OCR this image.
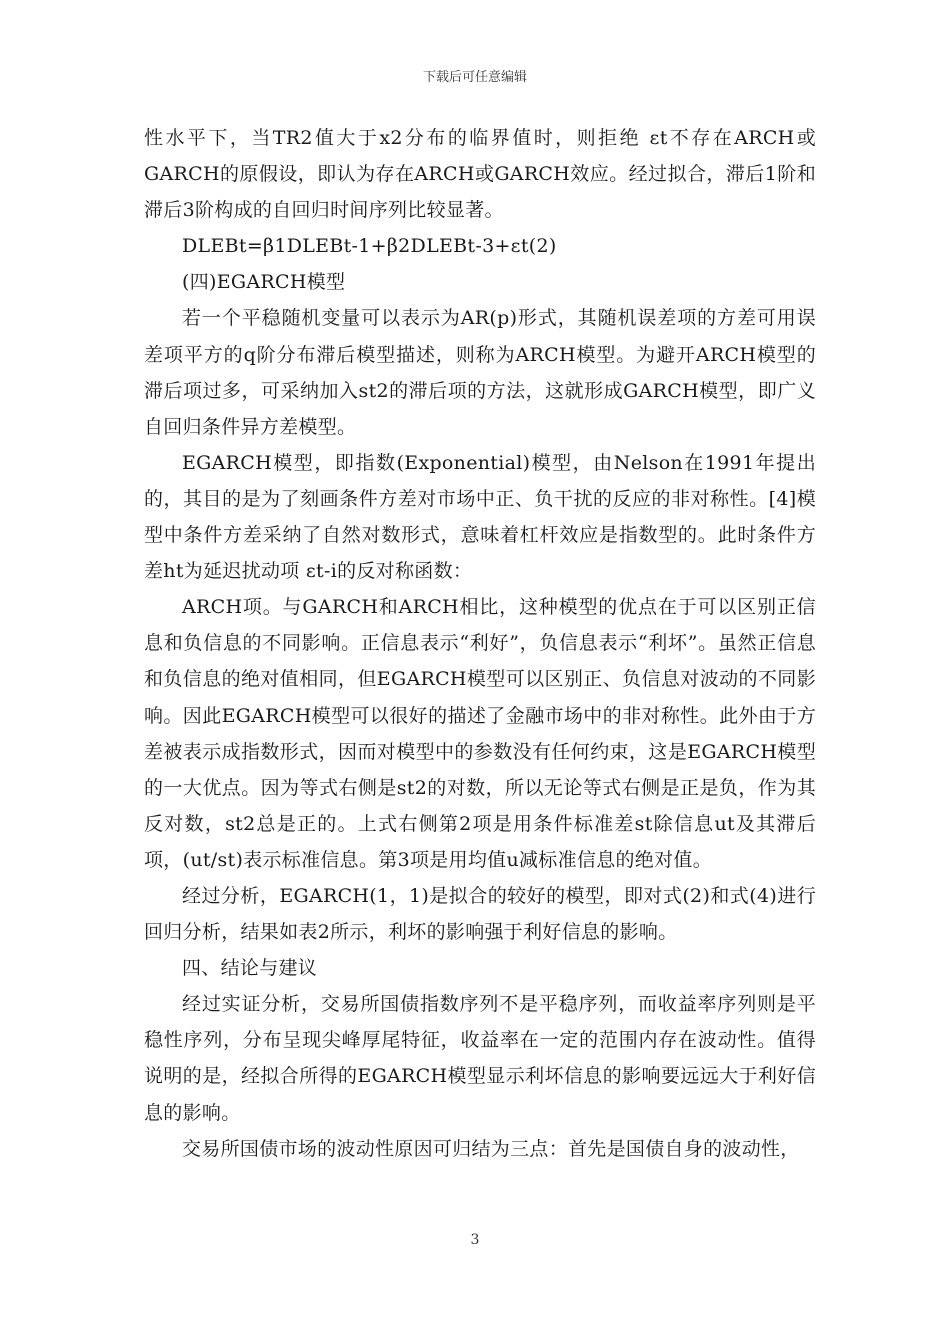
下载后可任意编辑

性水平下，当TR2值大于x2分布的临界值时，则拒绝 εt不存在ARCH或GARCH的原假设，即认为存在ARCH或GARCH效应。经过拟合，滞后1阶和滞后3阶构成的自回归时间序列比较显著。

DLEBt=β1DLEBt-1+β2DLEBt-3+εt(2)

(四)EGARCH模型

若一个平稳随机变量可以表示为AR(p)形式，其随机误差项的方差可用误差项平方的q阶分布滞后模型描述，则称为ARCH模型。为避开ARCH模型的滞后项过多，可采纳加入st2的滞后项的方法，这就形成GARCH模型，即广义自回归条件异方差模型。

EGARCH模型，即指数(Exponential)模型，由Nelson在1991年提出的，其目的是为了刻画条件方差对市场中正、负干扰的反应的非对称性。[4]模型中条件方差采纳了自然对数形式，意味着杠杆效应是指数型的。此时条件方差ht为延迟扰动项 εt-i的反对称函数：

ARCH项。与GARCH和ARCH相比，这种模型的优点在于可以区别正信息和负信息的不同影响。正信息表示“利好”，负信息表示“利坏”。虽然正信息和负信息的绝对值相同，但EGARCH模型可以区别正、负信息对波动的不同影响。因此EGARCH模型可以很好的描述了金融市场中的非对称性。此外由于方差被表示成指数形式，因而对模型中的参数没有任何约束，这是EGARCH模型的一大优点。因为等式右侧是st2的对数，所以无论等式右侧是正是负，作为其反对数，st2总是正的。上式右侧第2项是用条件标准差st除信息ut及其滞后项，(ut/st)表示标准信息。第3项是用均值u减标准信息的绝对值。

经过分析，EGARCH(1，1)是拟合的较好的模型，即对式(2)和式(4)进行回归分析，结果如表2所示，利坏的影响强于利好信息的影响。

四、结论与建议

经过实证分析，交易所国债指数序列不是平稳序列，而收益率序列则是平稳性序列，分布呈现尖峰厚尾特征，收益率在一定的范围内存在波动性。值得说明的是，经拟合所得的EGARCH模型显示利坏信息的影响要远远大于利好信息的影响。

交易所国债市场的波动性原因可归结为三点：首先是国债自身的波动性，

3
